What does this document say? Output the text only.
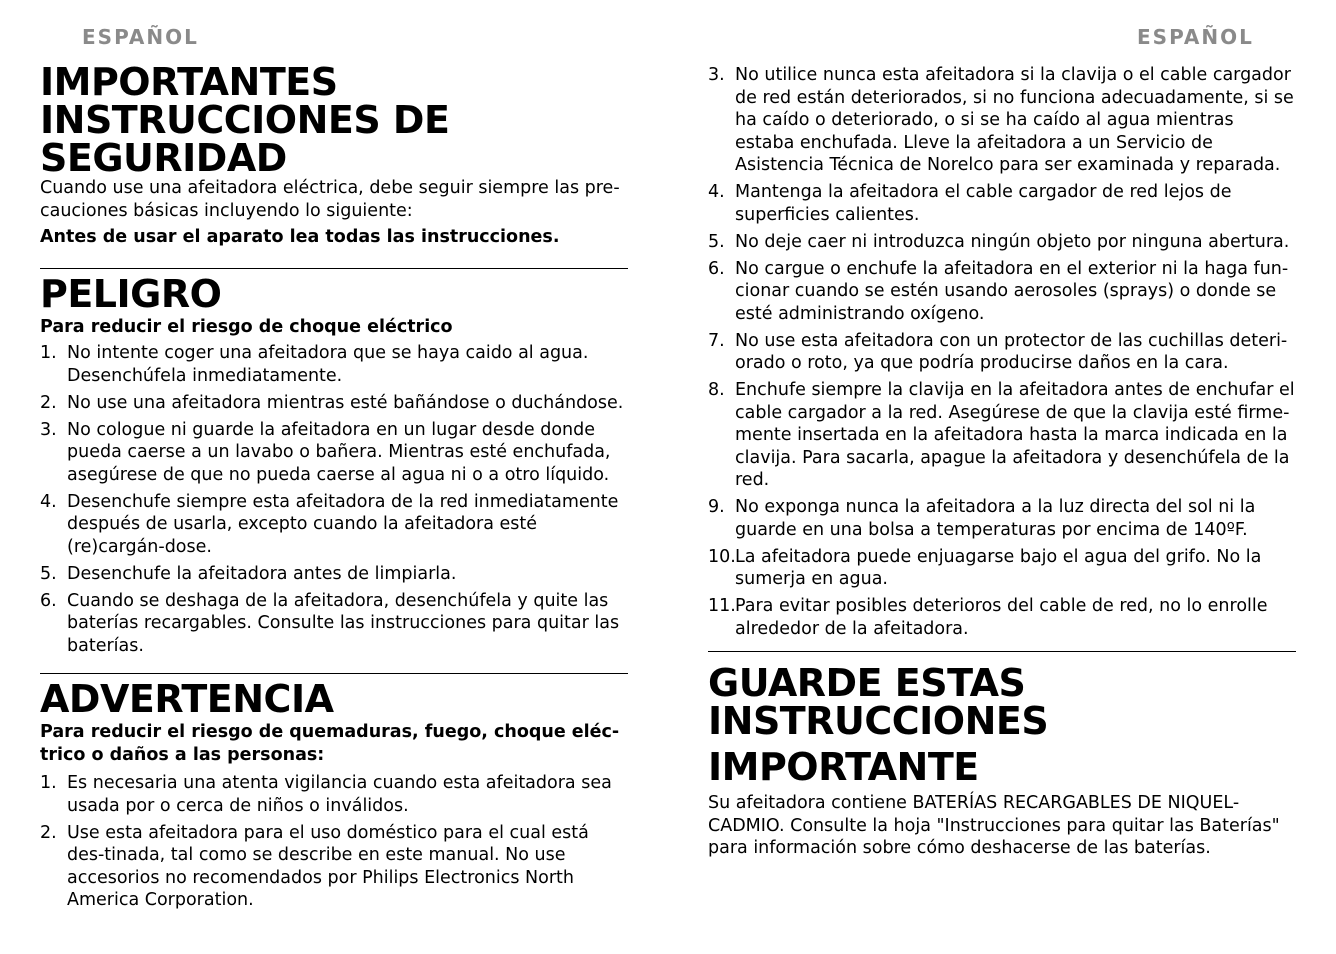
ESPAÑOL	ESPAÑOL
IMPORTANTES
INSTRUCCIONES DE
SEGURIDAD

Cuando use una afeitadora eléctrica, debe seguir siempre las pre-cauciones básicas incluyendo lo siguiente:

Antes de usar el aparato lea todas las instrucciones.

PELIGRO

Para reducir el riesgo de choque eléctrico

1. No intente coger una afeitadora que se haya caido al agua. Desenchúfela inmediatamente.
2. No use una afeitadora mientras esté bañándose o duchándose.
3. No cologue ni guarde la afeitadora en un lugar desde donde pueda caerse a un lavabo o bañera. Mientras esté enchufada, asegúrese de que no pueda caerse al agua ni o a otro líquido.
4. Desenchufe siempre esta afeitadora de la red inmediatamente después de usarla, excepto cuando la afeitadora esté (re)cargán-dose.
5. Desenchufe la afeitadora antes de limpiarla.
6. Cuando se deshaga de la afeitadora, desenchúfela y quite las baterías recargables. Consulte las instrucciones para quitar las baterías.
ADVERTENCIA

Para reducir el riesgo de quemaduras, fuego, choque eléc-trico o daños a las personas:

1. Es necesaria una atenta vigilancia cuando esta afeitadora sea usada por o cerca de niños o inválidos.
2. Use esta afeitadora para el uso doméstico para el cual está des-tinada, tal como se describe en este manual. No use accesorios no recomendados por Philips Electronics North America Corporation.
3. No utilice nunca esta afeitadora si la clavija o el cable cargador de red están deteriorados, si no funciona adecuadamente, si se ha caído o deteriorado, o si se ha caído al agua mientras estaba enchufada. Lleve la afeitadora a un Servicio de Asistencia Técnica de Norelco para ser examinada y reparada.
4. Mantenga la afeitadora el cable cargador de red lejos de superficies calientes.
5. No deje caer ni introduzca ningún objeto por ninguna abertura.
6. No cargue o enchufe la afeitadora en el exterior ni la haga fun-cionar cuando se estén usando aerosoles (sprays) o donde se esté administrando oxígeno.
7. No use esta afeitadora con un protector de las cuchillas deteri-orado o roto, ya que podría producirse daños en la cara.
8. Enchufe siempre la clavija en la afeitadora antes de enchufar el cable cargador a la red. Asegúrese de que la clavija esté firme-mente insertada en la afeitadora hasta la marca indicada en la clavija. Para sacarla, apague la afeitadora y desenchúfela de la red.
9. No exponga nunca la afeitadora a la luz directa del sol ni la guarde en una bolsa a temperaturas por encima de 140ºF.
10. La afeitadora puede enjuagarse bajo el agua del grifo. No la sumerja en agua.
11. Para evitar posibles deterioros del cable de red, no lo enrolle alrededor de la afeitadora.
GUARDE ESTAS
INSTRUCCIONES
IMPORTANTE

Su afeitadora contiene BATERÍAS RECARGABLES DE NIQUEL-CADMIO. Consulte la hoja "Instrucciones para quitar las Baterías" para información sobre cómo deshacerse de las baterías.
